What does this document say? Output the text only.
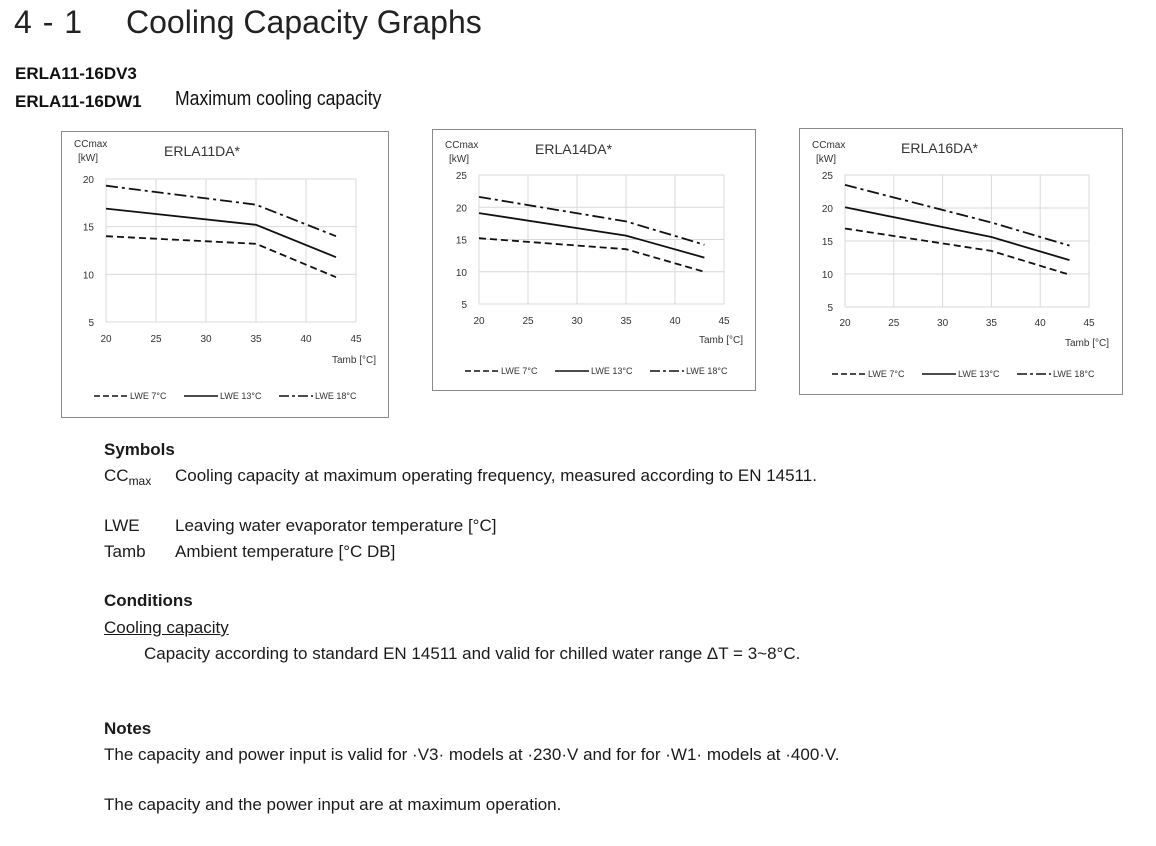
4 - 1 Cooling Capacity Graphs
ERLA11-16DV3
ERLA11-16DW1 Maximum cooling capacity
CCmax
[kW]	ERLA11DA*
5
10
15
20
20	25	30	35	40	45
Tamb [°C]
LWE 7°C	LWE 13°C	LWE 18°C
CCmax
[kW]
ERLA14DA*
5
10
15
20
25
20	25	30	35	40	45
Tamb [°C]
LWE 7°C	LWE 13°C	LWE 18°C
CCmax
[kW]
ERLA16DA*
5
10
15
20
25
20	25	30	35	40	45
Tamb [°C]
LWE 7°C	LWE 13°C	LWE 18°C
Symbols
$CC_{max}$ Cooling capacity at maximum operating frequency, measured according to EN 14511.
LWE Leaving water evaporator temperature [°C]
Tamb Ambient temperature [°C DB]
Conditions
Cooling capacity
Capacity according to standard EN 14511 and valid for chilled water range ΔT = 3~8°C.
Notes
The capacity and power input is valid for ·V3· models at ·230·V and for for ·W1· models at ·400·V.
The capacity and the power input are at maximum operation.
